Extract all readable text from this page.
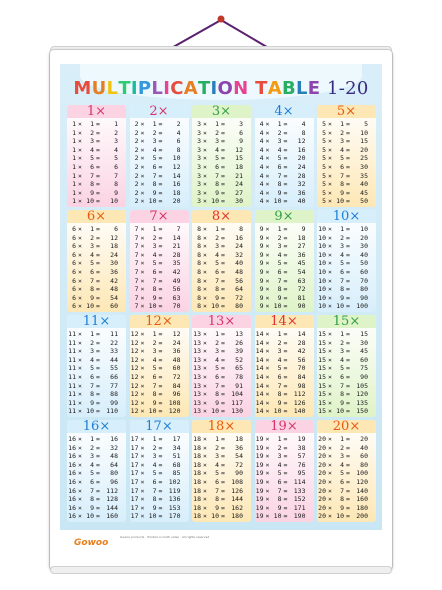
MULTIPLICATION TABLE 1-20
1×
1 ×	1 =	1
1 ×	2 =	2
1 ×	3 =	3
1 ×	4 =	4
1 ×	5 =	5
1 ×	6 =	6
1 ×	7 =	7
1 ×	8 =	8
1 ×	9 =	9
1 × 10 =	10
2×
2 ×	1 =	2
2 ×	2 =	4
2 ×	3 =	6
2 ×	4 =	8
2 ×	5 =	10
2 ×	6 =	12
2 ×	7 =	14
2 ×	8 =	16
2 ×	9 =	18
2 × 10 =	20
3×
3 ×	1 =	3
3 ×	2 =	6
3 ×	3 =	9
3 ×	4 =	12
3 ×	5 =	15
3 ×	6 =	18
3 ×	7 =	21
3 ×	8 =	24
3 ×	9 =	27
3 × 10 =	30
4×
4 ×	1 =	4
4 ×	2 =	8
4 ×	3 =	12
4 ×	4 =	16
4 ×	5 =	20
4 ×	6 =	24
4 ×	7 =	28
4 ×	8 =	32
4 ×	9 =	36
4 × 10 =	40
5×
5 ×	1 =	5
5 ×	2 =	10
5 ×	3 =	15
5 ×	4 =	20
5 ×	5 =	25
5 ×	6 =	30
5 ×	7 =	35
5 ×	8 =	40
5 ×	9 =	45
5 × 10 =	50
6×
6 ×	1 =	6
6 ×	2 =	12
6 ×	3 =	18
6 ×	4 =	24
6 ×	5 =	30
6 ×	6 =	36
6 ×	7 =	42
6 ×	8 =	48
6 ×	9 =	54
6 × 10 =	60
7×
7 ×	1 =	7
7 ×	2 =	14
7 ×	3 =	21
7 ×	4 =	28
7 ×	5 =	35
7 ×	6 =	42
7 ×	7 =	49
7 ×	8 =	56
7 ×	9 =	63
7 × 10 =	70
8×
8 ×	1 =	8
8 ×	2 =	16
8 ×	3 =	24
8 ×	4 =	32
8 ×	5 =	40
8 ×	6 =	48
8 ×	7 =	56
8 ×	8 =	64
8 ×	9 =	72
8 × 10 =	80
9×
9 ×	1 =	9
9 ×	2 =	18
9 ×	3 =	27
9 ×	4 =	36
9 ×	5 =	45
9 ×	6 =	54
9 ×	7 =	63
9 ×	8 =	72
9 ×	9 =	81
9 × 10 =	90
10×
10 ×	1 =	10
10 ×	2 =	20
10 ×	3 =	30
10 ×	4 =	40
10 ×	5 =	50
10 ×	6 =	60
10 ×	7 =	70
10 ×	8 =	80
10 ×	9 =	90
10 × 10 = 100
11×
11 ×	1 =	11
11 ×	2 =	22
11 ×	3 =	33
11 ×	4 =	44
11 ×	5 =	55
11 ×	6 =	66
11 ×	7 =	77
11 ×	8 =	88
11 ×	9 =	99
11 × 10 = 110
12×
12 ×	1 =	12
12 ×	2 =	24
12 ×	3 =	36
12 ×	4 =	48
12 ×	5 =	60
12 ×	6 =	72
12 ×	7 =	84
12 ×	8 =	96
12 ×	9 = 108
12 × 10 = 120
13×
13 ×	1 =	13
13 ×	2 =	26
13 ×	3 =	39
13 ×	4 =	52
13 ×	5 =	65
13 ×	6 =	78
13 ×	7 =	91
13 ×	8 = 104
13 ×	9 = 117
13 × 10 = 130
14×
14 ×	1 =	14
14 ×	2 =	28
14 ×	3 =	42
14 ×	4 =	56
14 ×	5 =	70
14 ×	6 =	84
14 ×	7 =	98
14 ×	8 = 112
14 ×	9 = 126
14 × 10 = 140
15×
15 ×	1 =	15
15 ×	2 =	30
15 ×	3 =	45
15 ×	4 =	60
15 ×	5 =	75
15 ×	6 =	90
15 ×	7 = 105
15 ×	8 = 120
15 ×	9 = 135
15 × 10 = 150
16×
16 ×	1 =	16
16 ×	2 =	32
16 ×	3 =	48
16 ×	4 =	64
16 ×	5 =	80
16 ×	6 =	96
16 ×	7 = 112
16 ×	8 = 128
16 ×	9 = 144
16 × 10 = 160
17×
17 ×	1 =	17
17 ×	2 =	34
17 ×	3 =	51
17 ×	4 =	68
17 ×	5 =	85
17 ×	6 = 102
17 ×	7 = 119
17 ×	8 = 136
17 ×	9 = 153
17 × 10 = 170
18×
18 ×	1 =	18
18 ×	2 =	36
18 ×	3 =	54
18 ×	4 =	72
18 ×	5 =	90
18 ×	6 = 108
18 ×	7 = 126
18 ×	8 = 144
18 ×	9 = 162
18 × 10 = 180
19×
19 ×	1 =	19
19 ×	2 =	38
19 ×	3 =	57
19 ×	4 =	76
19 ×	5 =	95
19 ×	6 = 114
19 ×	7 = 133
19 ×	8 = 152
19 ×	9 = 171
19 × 10 = 190
20×
20 ×	1 =	20
20 ×	2 =	40
20 ×	3 =	60
20 ×	4 =	80
20 ×	5 = 100
20 ×	6 = 120
20 ×	7 = 140
20 ×	8 = 160
20 ×	9 = 180
20 × 10 = 200
Gowoo
Gowoo products · Printed on both sides · All rights reserved
